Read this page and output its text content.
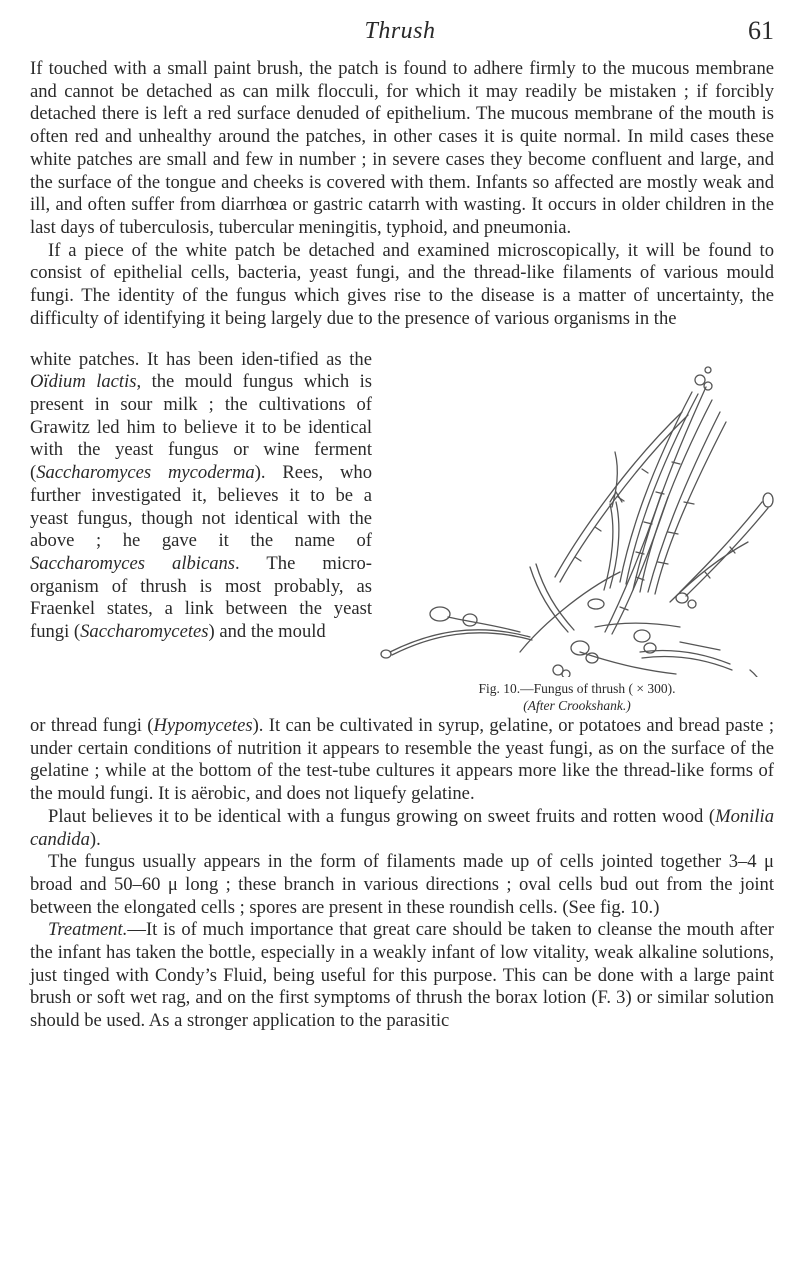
Thrush	61

If touched with a small paint brush, the patch is found to adhere firmly to the mucous membrane and cannot be detached as can milk flocculi, for which it may readily be mistaken ; if forcibly detached there is left a red surface denuded of epithelium. The mucous membrane of the mouth is often red and unhealthy around the patches, in other cases it is quite normal. In mild cases these white patches are small and few in number ; in severe cases they become confluent and large, and the surface of the tongue and cheeks is covered with them. Infants so affected are mostly weak and ill, and often suffer from diarrhœa or gastric catarrh with wasting. It occurs in older children in the last days of tuberculosis, tubercular meningitis, typhoid, and pneumonia.

If a piece of the white patch be detached and examined microscopically, it will be found to consist of epithelial cells, bacteria, yeast fungi, and the thread-like filaments of various mould fungi. The identity of the fungus which gives rise to the disease is a matter of uncertainty, the difficulty of identifying it being largely due to the presence of various organisms in the

white patches. It has been iden-tified as the Oïdium lactis, the mould fungus which is present in sour milk ; the cultivations of Grawitz led him to believe it to be identical with the yeast fungus or wine ferment (Saccharomyces mycoderma). Rees, who further investigated it, believes it to be a yeast fungus, though not identical with the above ; he gave it the name of Saccharomyces albicans. The micro-organism of thrush is most probably, as Fraenkel states, a link between the yeast fungi (Saccharomycetes) and the mould

Fig. 10.—Fungus of thrush ( × 300).
(After Crookshank.)

or thread fungi (Hypomycetes). It can be cultivated in syrup, gelatine, or potatoes and bread paste ; under certain conditions of nutrition it appears to resemble the yeast fungi, as on the surface of the gelatine ; while at the bottom of the test-tube cultures it appears more like the thread-like forms of the mould fungi. It is aërobic, and does not liquefy gelatine.

Plaut believes it to be identical with a fungus growing on sweet fruits and rotten wood (Monilia candida).

The fungus usually appears in the form of filaments made up of cells jointed together 3–4 μ broad and 50–60 μ long ; these branch in various directions ; oval cells bud out from the joint between the elongated cells ; spores are present in these roundish cells. (See fig. 10.)

Treatment.—It is of much importance that great care should be taken to cleanse the mouth after the infant has taken the bottle, especially in a weakly infant of low vitality, weak alkaline solutions, just tinged with Condy’s Fluid, being useful for this purpose. This can be done with a large paint brush or soft wet rag, and on the first symptoms of thrush the borax lotion (F. 3) or similar solution should be used. As a stronger application to the parasitic
